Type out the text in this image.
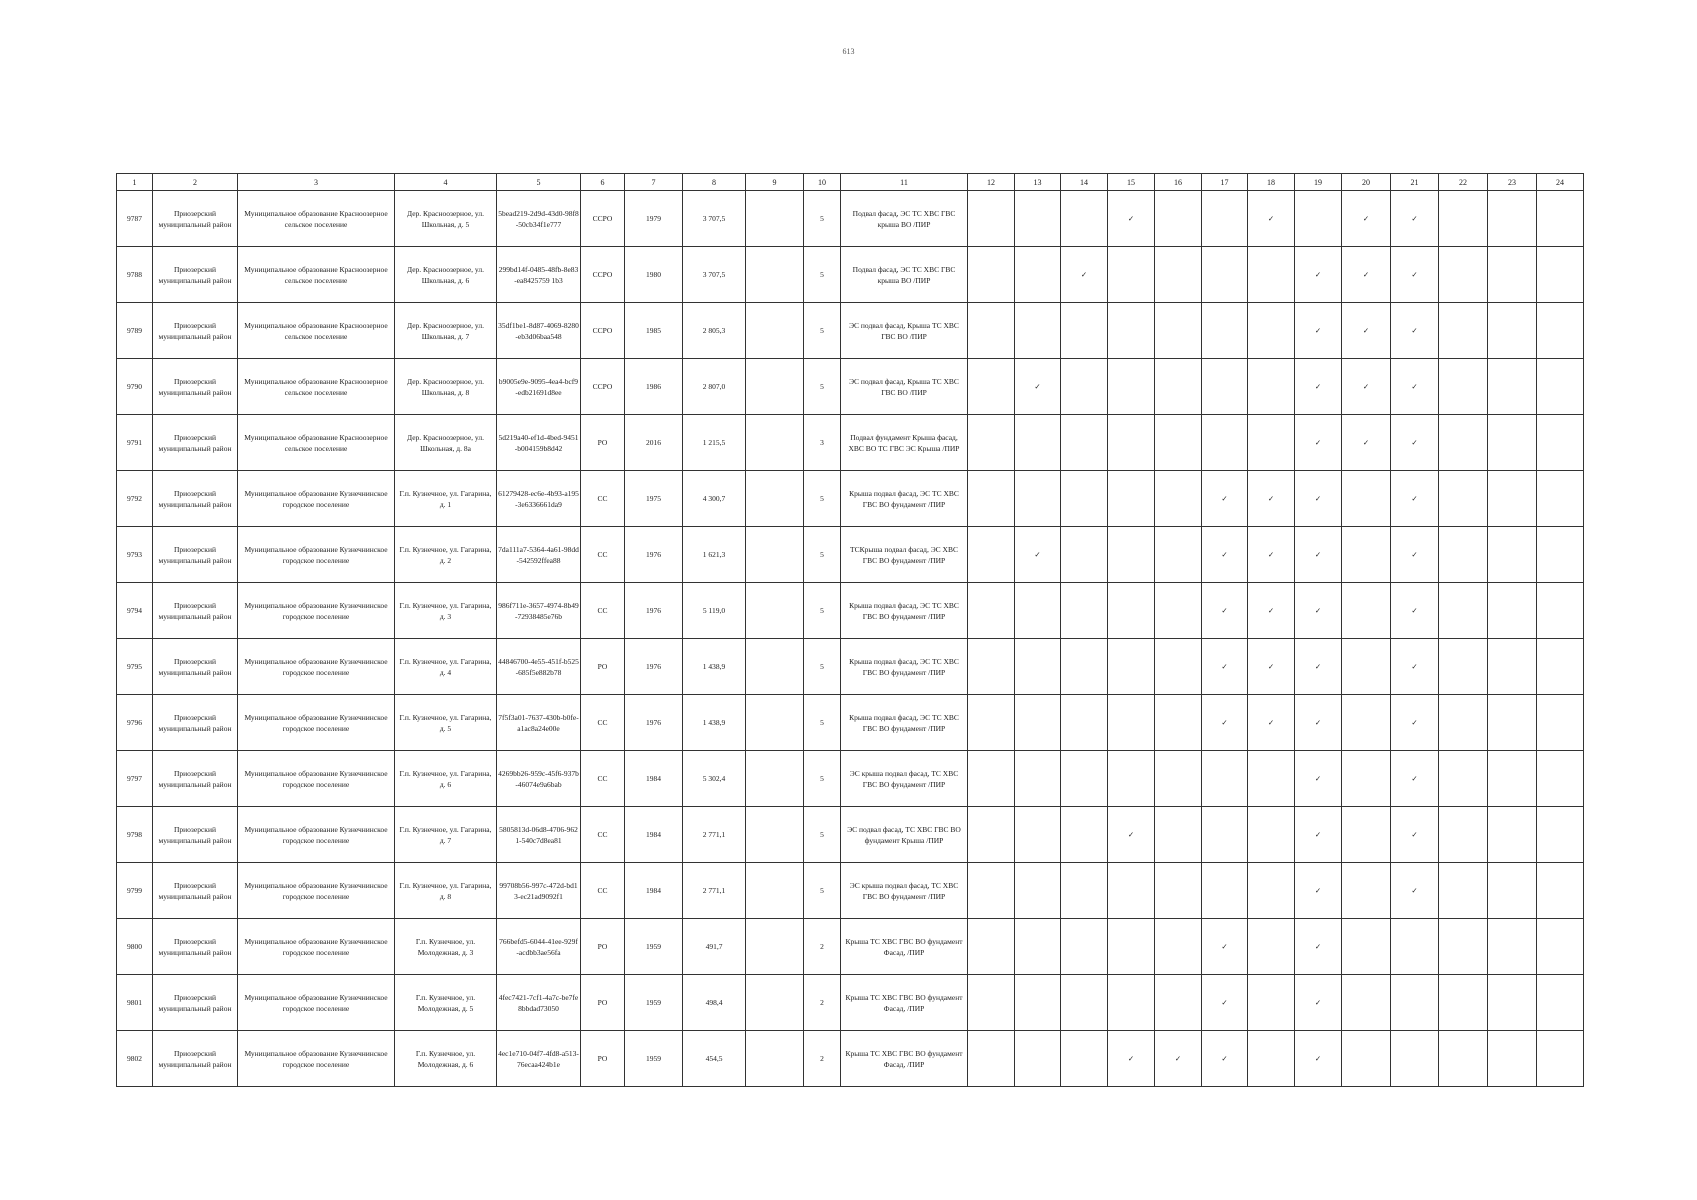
613
1	2	3	4	5	6	7	8	9	10	11	12	13	14	15	16	17	18	19	20	21	22	23	24
9787	Приозерский муниципальный район	Муниципальное образование Красноозерное сельское поселение	Дер. Красноозерное, ул. Школьная, д. 5	5bead219-2d9d-43d0-98f8-50cb34f1e777	ССРО	1979	3 707,5		5	Подвал фасад, ЭС ТС ХВС ГВС крыша ВО /ПИР				✓			✓		✓	✓			
9788	Приозерский муниципальный район	Муниципальное образование Красноозерное сельское поселение	Дер. Красноозерное, ул. Школьная, д. 6	299bd14f-0485-48fb-8e83-ea8425759 1b3	ССРО	1980	3 707,5		5	Подвал фасад, ЭС ТС ХВС ГВС крыша ВО /ПИР			✓					✓	✓	✓			
9789	Приозерский муниципальный район	Муниципальное образование Красноозерное сельское поселение	Дер. Красноозерное, ул. Школьная, д. 7	35df1be1-8d87-4069-8280-eb3d06baa548	ССРО	1985	2 805,3		5	ЭС подвал фасад, Крыша ТС ХВС ГВС ВО /ПИР								✓	✓	✓			
9790	Приозерский муниципальный район	Муниципальное образование Красноозерное сельское поселение	Дер. Красноозерное, ул. Школьная, д. 8	b9005e9e-9095-4ea4-bcf9-edb21691d8ee	ССРО	1986	2 807,0		5	ЭС подвал фасад, Крыша ТС ХВС ГВС ВО /ПИР		✓						✓	✓	✓			
9791	Приозерский муниципальный район	Муниципальное образование Красноозерное сельское поселение	Дер. Красноозерное, ул. Школьная, д. 8а	5d219a40-ef1d-4bed-9451-b004159b8d42	РО	2016	1 215,5		3	Подвал фундамент Крыша фасад, ХВС ВО ТС ГВС ЭС Крыша /ПИР								✓	✓	✓			
9792	Приозерский муниципальный район	Муниципальное образование Кузнечнинское городское поселение	Г.п. Кузнечное, ул. Гагарина, д. 1	61279428-ec6e-4b93-a195-3e6336661da9	СС	1975	4 300,7		5	Крыша подвал фасад, ЭС ТС ХВС ГВС ВО фундамент /ПИР						✓	✓	✓		✓			
9793	Приозерский муниципальный район	Муниципальное образование Кузнечнинское городское поселение	Г.п. Кузнечное, ул. Гагарина, д. 2	7da111a7-5364-4a61-98dd-542592ffea88	СС	1976	1 621,3		5	ТСКрыша подвал фасад, ЭС ХВС ГВС ВО фундамент /ПИР		✓				✓	✓	✓		✓			
9794	Приозерский муниципальный район	Муниципальное образование Кузнечнинское городское поселение	Г.п. Кузнечное, ул. Гагарина, д. 3	986f711e-3657-4974-8b49-72938485e76b	СС	1976	5 119,0		5	Крыша подвал фасад, ЭС ТС ХВС ГВС ВО фундамент /ПИР						✓	✓	✓		✓			
9795	Приозерский муниципальный район	Муниципальное образование Кузнечнинское городское поселение	Г.п. Кузнечное, ул. Гагарина, д. 4	44846700-4e55-451f-b525-685f5e882b78	РО	1976	1 438,9		5	Крыша подвал фасад, ЭС ТС ХВС ГВС ВО фундамент /ПИР						✓	✓	✓		✓			
9796	Приозерский муниципальный район	Муниципальное образование Кузнечнинское городское поселение	Г.п. Кузнечное, ул. Гагарина, д. 5	7f5f3a01-7637-430b-b0fe-a1ac8a24e00e	СС	1976	1 438,9		5	Крыша подвал фасад, ЭС ТС ХВС ГВС ВО фундамент /ПИР						✓	✓	✓		✓			
9797	Приозерский муниципальный район	Муниципальное образование Кузнечнинское городское поселение	Г.п. Кузнечное, ул. Гагарина, д. 6	4269bb26-959c-45f6-937b-46074e9a6bab	СС	1984	5 302,4		5	ЭС крыша подвал фасад, ТС ХВС ГВС ВО фундамент /ПИР								✓		✓			
9798	Приозерский муниципальный район	Муниципальное образование Кузнечнинское городское поселение	Г.п. Кузнечное, ул. Гагарина, д. 7	5805813d-06d8-4706-9621-540c7d8ea81	СС	1984	2 771,1		5	ЭС подвал фасад, ТС ХВС ГВС ВО фундамент Крыша /ПИР				✓				✓		✓			
9799	Приозерский муниципальный район	Муниципальное образование Кузнечнинское городское поселение	Г.п. Кузнечное, ул. Гагарина, д. 8	99708b56-997c-472d-bd13-ec21ad9092f1	СС	1984	2 771,1		5	ЭС крыша подвал фасад, ТС ХВС ГВС ВО фундамент /ПИР								✓		✓			
9800	Приозерский муниципальный район	Муниципальное образование Кузнечнинское городское поселение	Г.п. Кузнечное, ул. Молодежная, д. 3	766befd5-6044-41ee-929f-acdbb3ae56fa	РО	1959	491,7		2	Крыша ТС ХВС ГВС ВО фундамент Фасад, /ПИР						✓		✓					
9801	Приозерский муниципальный район	Муниципальное образование Кузнечнинское городское поселение	Г.п. Кузнечное, ул. Молодежная, д. 5	4fec7421-7cf1-4a7c-be7fe8bbdad73050	РО	1959	498,4		2	Крыша ТС ХВС ГВС ВО фундамент Фасад, /ПИР						✓		✓					
9802	Приозерский муниципальный район	Муниципальное образование Кузнечнинское городское поселение	Г.п. Кузнечное, ул. Молодежная, д. 6	4ec1e710-04f7-4fd8-a513-76ecaa424b1e	РО	1959	454,5		2	Крыша ТС ХВС ГВС ВО фундамент Фасад, /ПИР				✓	✓	✓		✓					
